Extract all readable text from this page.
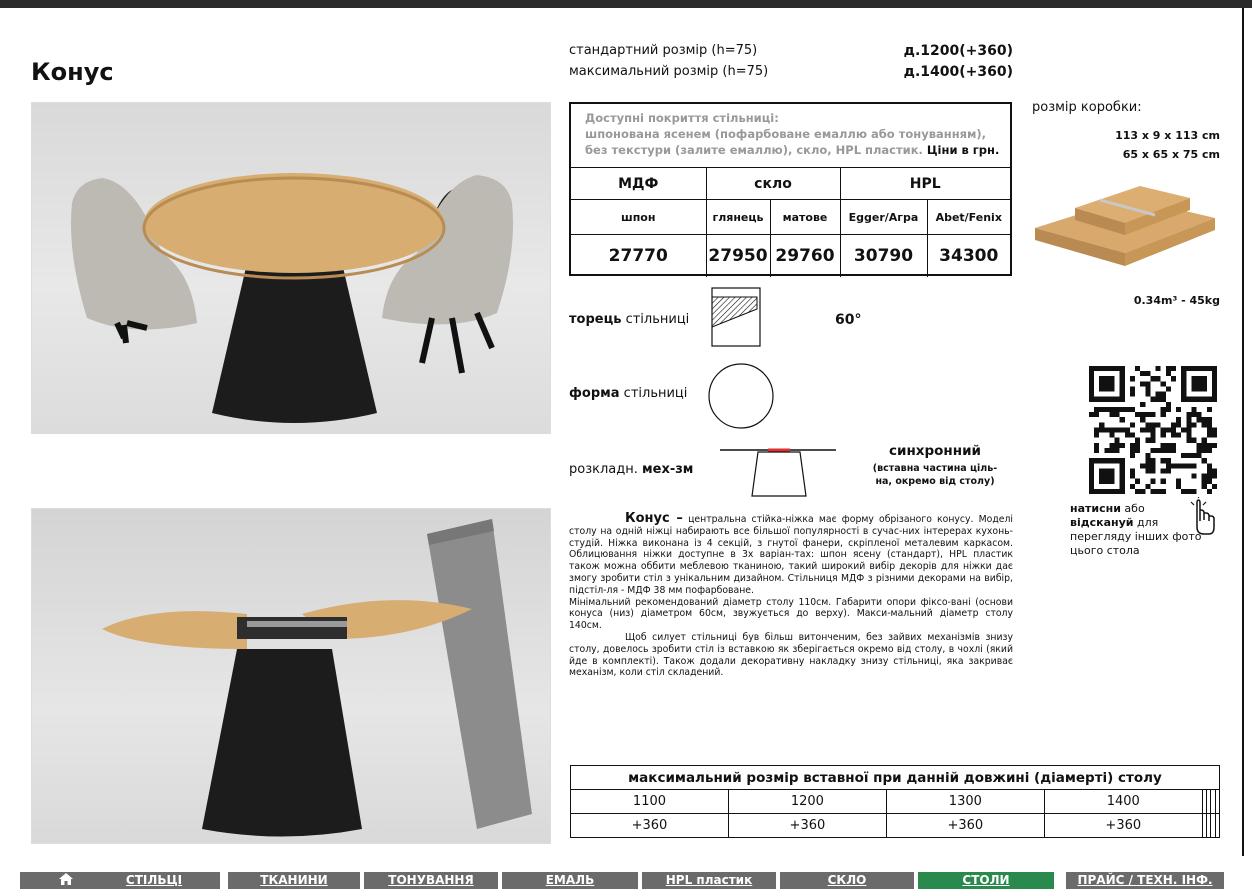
Конус
стандартний розмір (h=75)	д.1200(+360)
максимальний розмір (h=75)	д.1400(+360)
Доступні покриття стільниці:
шпонована ясенем (пофарбоване емаллю або тонуванням),
без текстури (залите емаллю), скло, HPL пластик. Ціни в грн.
МДФ	скло		HPL	
шпон	глянець	матове	Egger/Агра	Abet/Fenix
27770	27950	29760	30790	34300
розмір коробки:
113 х 9 х 113 cm
65 х 65 х 75 cm
0.34m³ - 45kg
торець стільниці	60°
форма стільниці
розкладн. мех-зм
синхронний
(вставна частина ціль-
на, окремо від столу)
натисни або
відскануй для
перегляду інших фото
цього стола

Конус – центральна стійка-ніжка має форму обрізаного конусу. Моделі столу на одній ніжці набирають все більшої популярності в сучас-них інтерерах кухонь-студій. Ніжка виконана із 4 секцій, з гнутої фанери, скріпленої металевим каркасом. Облицювання ніжки доступне в 3х варіан-тах: шпон ясену (стандарт), HPL пластик також можна оббити меблевою тканиною, такий широкий вибір декорів для ніжки дає змогу зробити стіл з унікальним дизайном. Стільниця МДФ з різними декорами на вибір, підстіл-ля - МДФ 38 мм пофарбоване.

Мінімальний рекомендований діаметр столу 110см. Габарити опори фіксо-вані (основи конуса (низ) діаметром 60см, звужується до верху). Макси-мальний діаметр столу 140см.

Щоб силует стільниці був більш витонченим, без зайвих механізмів знизу столу, довелось зробити стіл із вставкою як зберігається окремо від столу, в чохлі (який йде в комплекті). Також додали декоративну накладку знизу стільниці, яка закриває механізм, коли стіл складений.

максимальний розмір вставної при данній довжині (діамерті) столу							
1100	1200	1300	1400				
+360	+360	+360	+360				
СТІЛЬЦІ	ТКАНИНИ	ТОНУВАННЯ	ЕМАЛЬ	HPL пластик	СКЛО	СТОЛИ	ПРАЙС / ТЕХН. ІНФ.
